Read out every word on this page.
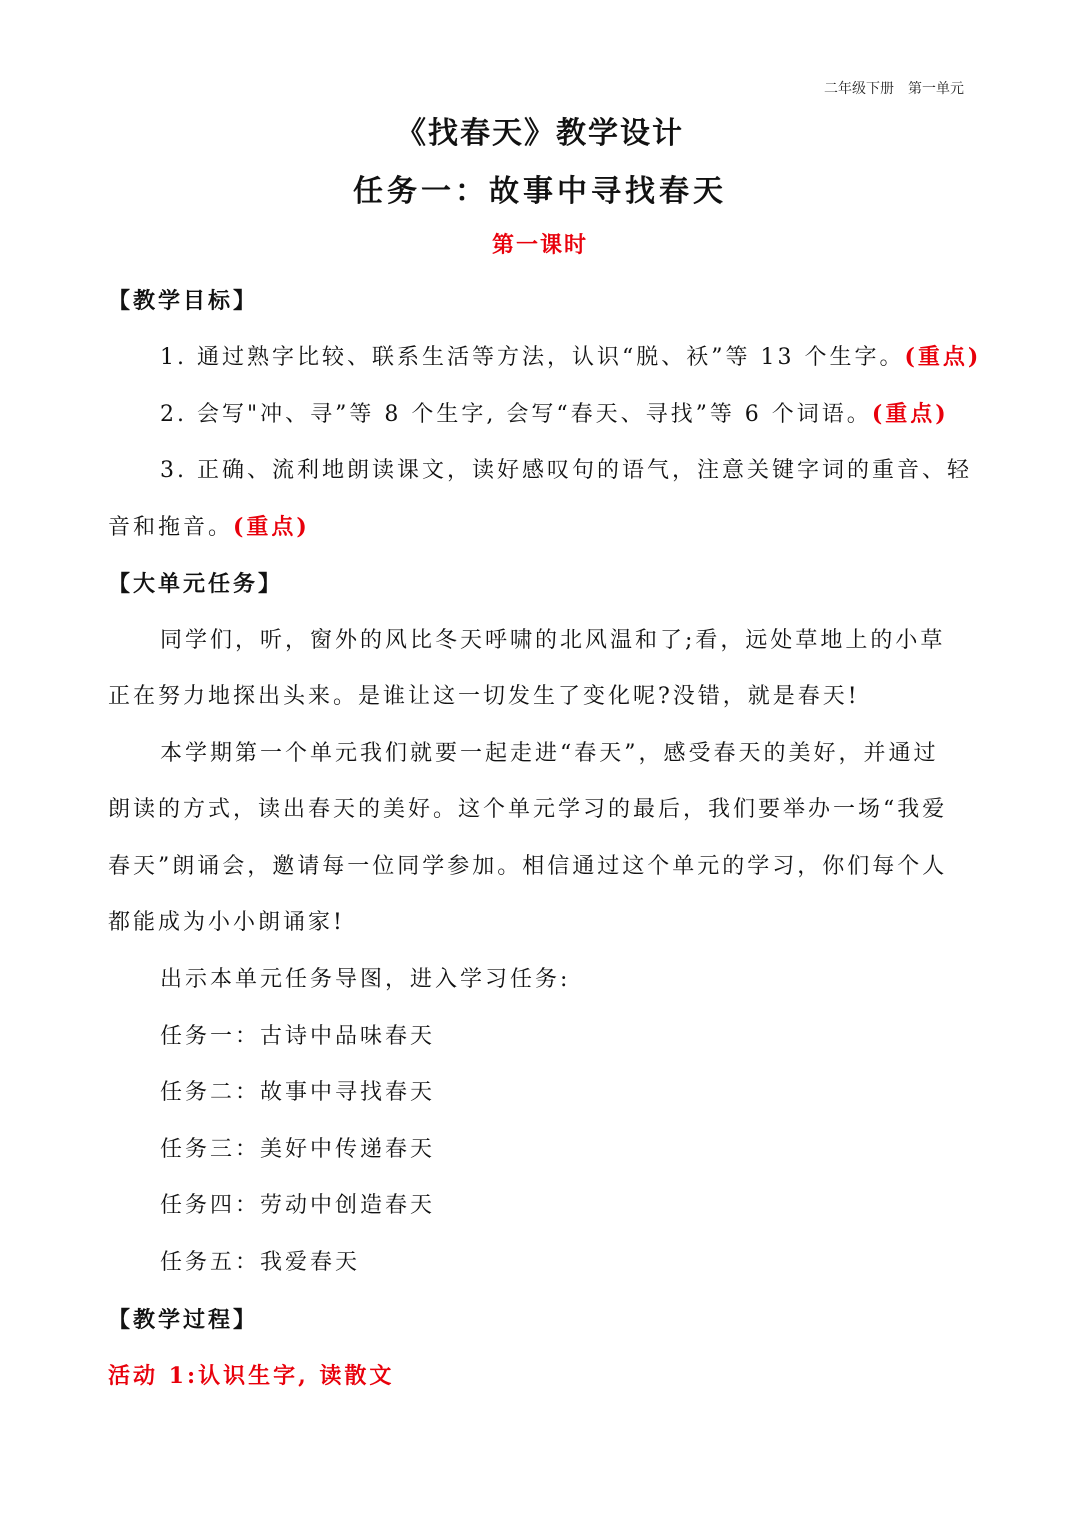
二年级下册　第一单元
《找春天》教学设计
任务一：故事中寻找春天
第一课时
【教学目标】
1. 通过熟字比较、联系生活等方法，认识“脱、袄”等 13 个生字。(重点)
2. 会写"冲、寻”等 8 个生字, 会写“春天、寻找”等 6 个词语。(重点)
3. 正确、流利地朗读课文，读好感叹句的语气，注意关键字词的重音、轻
音和拖音。(重点)
【大单元任务】
同学们，听，窗外的风比冬天呼啸的北风温和了;看，远处草地上的小草
正在努力地探出头来。是谁让这一切发生了变化呢?没错，就是春天!
本学期第一个单元我们就要一起走进“春天”，感受春天的美好，并通过
朗读的方式，读出春天的美好。这个单元学习的最后，我们要举办一场“我爱
春天”朗诵会，邀请每一位同学参加。相信通过这个单元的学习，你们每个人
都能成为小小朗诵家!
出示本单元任务导图，进入学习任务:
任务一：古诗中品味春天
任务二：故事中寻找春天
任务三：美好中传递春天
任务四：劳动中创造春天
任务五：我爱春天
【教学过程】
活动 1:认识生字, 读散文
